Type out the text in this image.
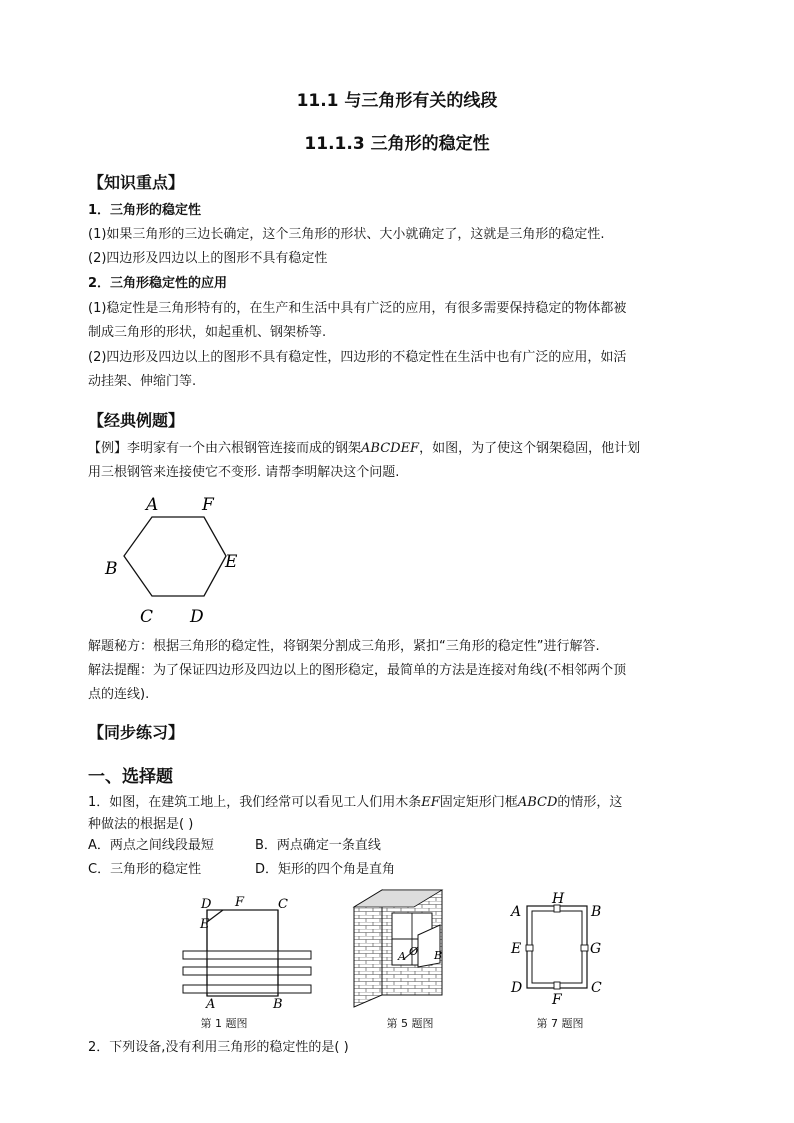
11.1 与三角形有关的线段
11.1.3 三角形的稳定性
【知识重点】
1．三角形的稳定性
(1)如果三角形的三边长确定，这个三角形的形状、大小就确定了，这就是三角形的稳定性.
(2)四边形及四边以上的图形不具有稳定性
2．三角形稳定性的应用
(1)稳定性是三角形特有的，在生产和生活中具有广泛的应用，有很多需要保持稳定的物体都被
制成三角形的形状，如起重机、钢架桥等.
(2)四边形及四边以上的图形不具有稳定性，四边形的不稳定性在生活中也有广泛的应用，如活
动挂架、伸缩门等.
【经典例题】
【例】李明家有一个由六根钢管连接而成的钢架ABCDEF，如图，为了使这个钢架稳固，他计划
用三根钢管来连接使它不变形. 请帮李明解决这个问题.
A	F
E
D
C
B
解题秘方：根据三角形的稳定性，将钢架分割成三角形，紧扣“三角形的稳定性”进行解答.
解法提醒：为了保证四边形及四边以上的图形稳定，最简单的方法是连接对角线(不相邻两个顶
点的连线).
【同步练习】
一、选择题
1．如图，在建筑工地上，我们经常可以看见工人们用木条EF固定矩形门框ABCD的情形，这
种做法的根据是( )
A．两点之间线段最短	B．两点确定一条直线
C．三角形的稳定性	D．矩形的四个角是直角
D F	C
E
A	B
A O B
A
H
B
E	G
D
F
C
第 1 题图	第 5 题图	第 7 题图
2．下列设备,没有利用三角形的稳定性的是( )
